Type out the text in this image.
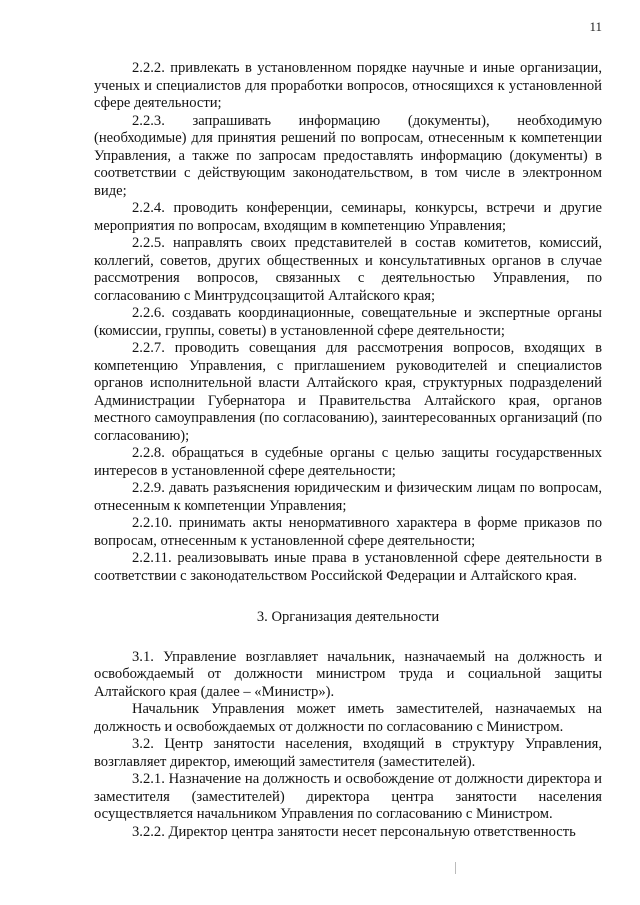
11

2.2.2. привлекать в установленном порядке научные и иные организации, ученых и специалистов для проработки вопросов, относящихся к установленной сфере деятельности;

2.2.3. запрашивать информацию (документы), необходимую (необходимые) для принятия решений по вопросам, отнесенным к компетенции Управления, а также по запросам предоставлять информацию (документы) в соответствии с действующим законодательством, в том числе в электронном виде;

2.2.4. проводить конференции, семинары, конкурсы, встречи и другие мероприятия по вопросам, входящим в компетенцию Управления;

2.2.5. направлять своих представителей в состав комитетов, комиссий, коллегий, советов, других общественных и консультативных органов в случае рассмотрения вопросов, связанных с деятельностью Управления, по согласованию с Минтрудсоцзащитой Алтайского края;

2.2.6. создавать координационные, совещательные и экспертные органы (комиссии, группы, советы) в установленной сфере деятельности;

2.2.7. проводить совещания для рассмотрения вопросов, входящих в компетенцию Управления, с приглашением руководителей и специалистов органов исполнительной власти Алтайского края, структурных подразделений Администрации Губернатора и Правительства Алтайского края, органов местного самоуправления (по согласованию), заинтересованных организаций (по согласованию);

2.2.8. обращаться в судебные органы с целью защиты государственных интересов в установленной сфере деятельности;

2.2.9. давать разъяснения юридическим и физическим лицам по вопросам, отнесенным к компетенции Управления;

2.2.10. принимать акты ненормативного характера в форме приказов по вопросам, отнесенным к установленной сфере деятельности;

2.2.11. реализовывать иные права в установленной сфере деятельности в соответствии с законодательством Российской Федерации и Алтайского края.

3. Организация деятельности

3.1. Управление возглавляет начальник, назначаемый на должность и освобождаемый от должности министром труда и социальной защиты Алтайского края (далее – «Министр»).

Начальник Управления может иметь заместителей, назначаемых на должность и освобождаемых от должности по согласованию с Министром.

3.2. Центр занятости населения, входящий в структуру Управления, возглавляет директор, имеющий заместителя (заместителей).

3.2.1. Назначение на должность и освобождение от должности директора и заместителя (заместителей) директора центра занятости населения осуществляется начальником Управления по согласованию с Министром.

3.2.2. Директор центра занятости несет персональную ответственность
